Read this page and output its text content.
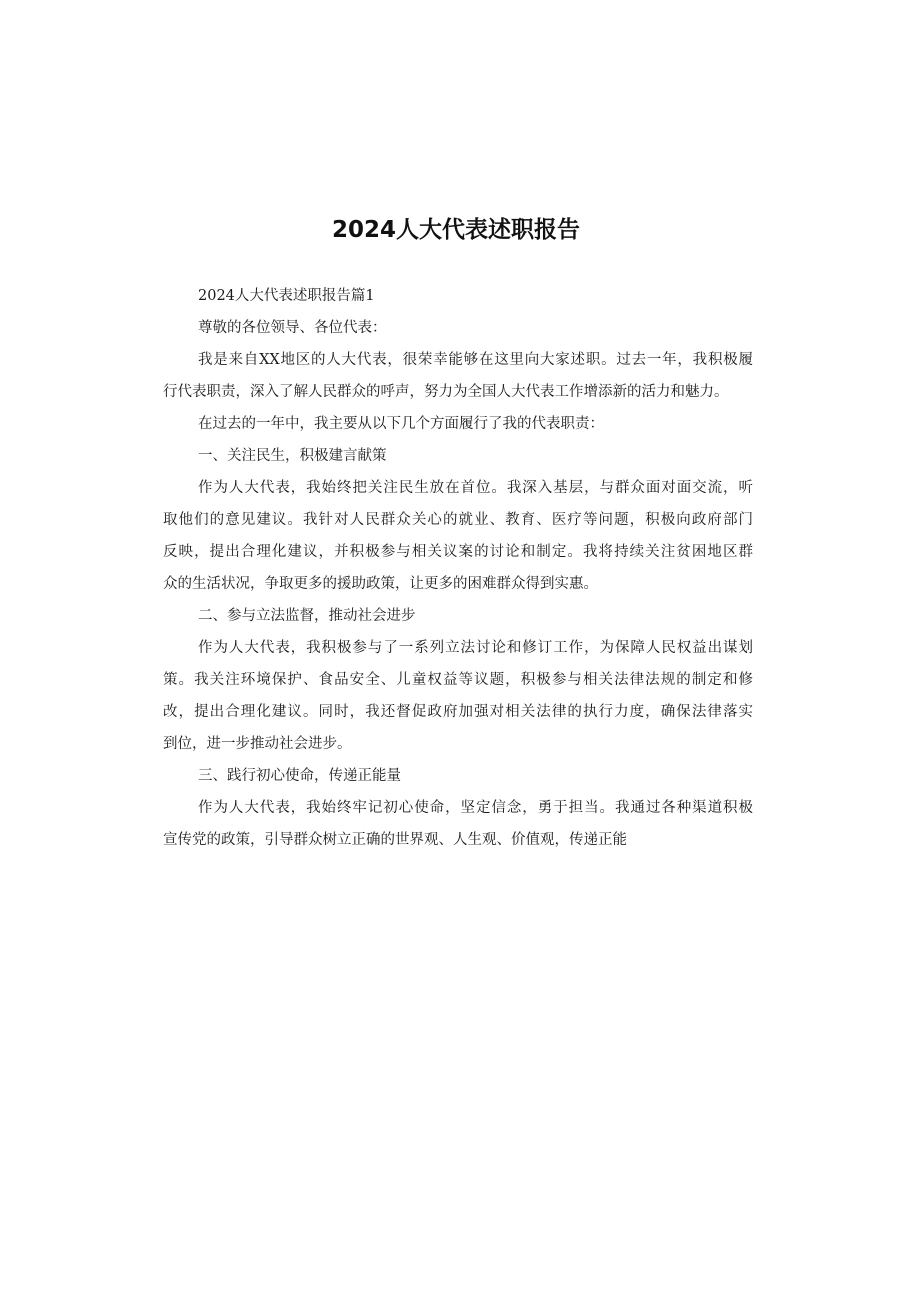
2024人大代表述职报告
2024人大代表述职报告篇1
尊敬的各位领导、各位代表：
我是来自XX地区的人大代表，很荣幸能够在这里向大家述职。过去一年，我积极履
行代表职责，深入了解人民群众的呼声，努力为全国人大代表工作增添新的活力和魅力。
在过去的一年中，我主要从以下几个方面履行了我的代表职责：
一、关注民生，积极建言献策
作为人大代表，我始终把关注民生放在首位。我深入基层，与群众面对面交流，听
取他们的意见建议。我针对人民群众关心的就业、教育、医疗等问题，积极向政府部门
反映，提出合理化建议，并积极参与相关议案的讨论和制定。我将持续关注贫困地区群
众的生活状况，争取更多的援助政策，让更多的困难群众得到实惠。
二、参与立法监督，推动社会进步
作为人大代表，我积极参与了一系列立法讨论和修订工作，为保障人民权益出谋划
策。我关注环境保护、食品安全、儿童权益等议题，积极参与相关法律法规的制定和修
改，提出合理化建议。同时，我还督促政府加强对相关法律的执行力度，确保法律落实
到位，进一步推动社会进步。
三、践行初心使命，传递正能量
作为人大代表，我始终牢记初心使命，坚定信念，勇于担当。我通过各种渠道积极
宣传党的政策，引导群众树立正确的世界观、人生观、价值观，传递正能
